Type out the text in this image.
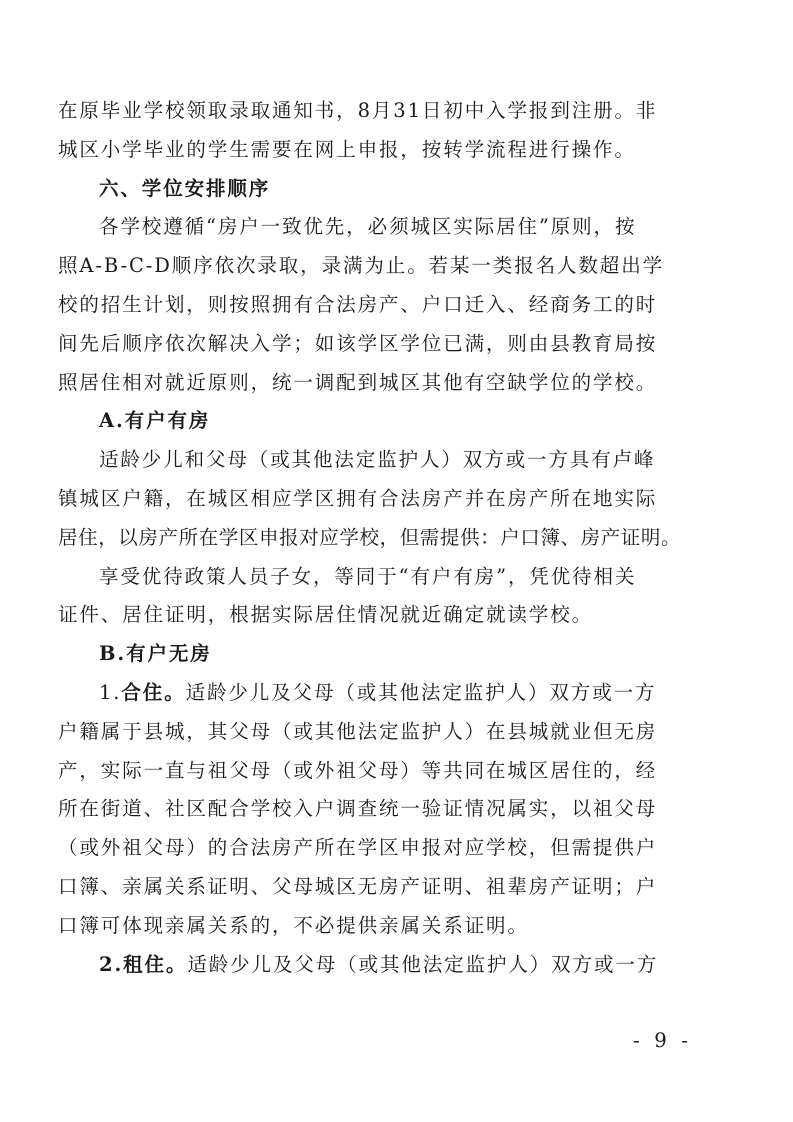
在原毕业学校领取录取通知书，8月31日初中入学报到注册。非
城区小学毕业的学生需要在网上申报，按转学流程进行操作。
六、学位安排顺序
各学校遵循“房户一致优先，必须城区实际居住”原则，按
照A-B-C-D顺序依次录取，录满为止。若某一类报名人数超出学
校的招生计划，则按照拥有合法房产、户口迁入、经商务工的时
间先后顺序依次解决入学；如该学区学位已满，则由县教育局按
照居住相对就近原则，统一调配到城区其他有空缺学位的学校。
A.有户有房
适龄少儿和父母（或其他法定监护人）双方或一方具有卢峰
镇城区户籍，在城区相应学区拥有合法房产并在房产所在地实际
居住，以房产所在学区申报对应学校，但需提供：户口簿、房产证明。
享受优待政策人员子女，等同于“有户有房”，凭优待相关
证件、居住证明，根据实际居住情况就近确定就读学校。
B.有户无房
1.合住。适龄少儿及父母（或其他法定监护人）双方或一方
户籍属于县城，其父母（或其他法定监护人）在县城就业但无房
产，实际一直与祖父母（或外祖父母）等共同在城区居住的，经
所在街道、社区配合学校入户调查统一验证情况属实，以祖父母
（或外祖父母）的合法房产所在学区申报对应学校，但需提供户
口簿、亲属关系证明、父母城区无房产证明、祖辈房产证明；户
口簿可体现亲属关系的，不必提供亲属关系证明。
2.租住。适龄少儿及父母（或其他法定监护人）双方或一方
- 9 -
